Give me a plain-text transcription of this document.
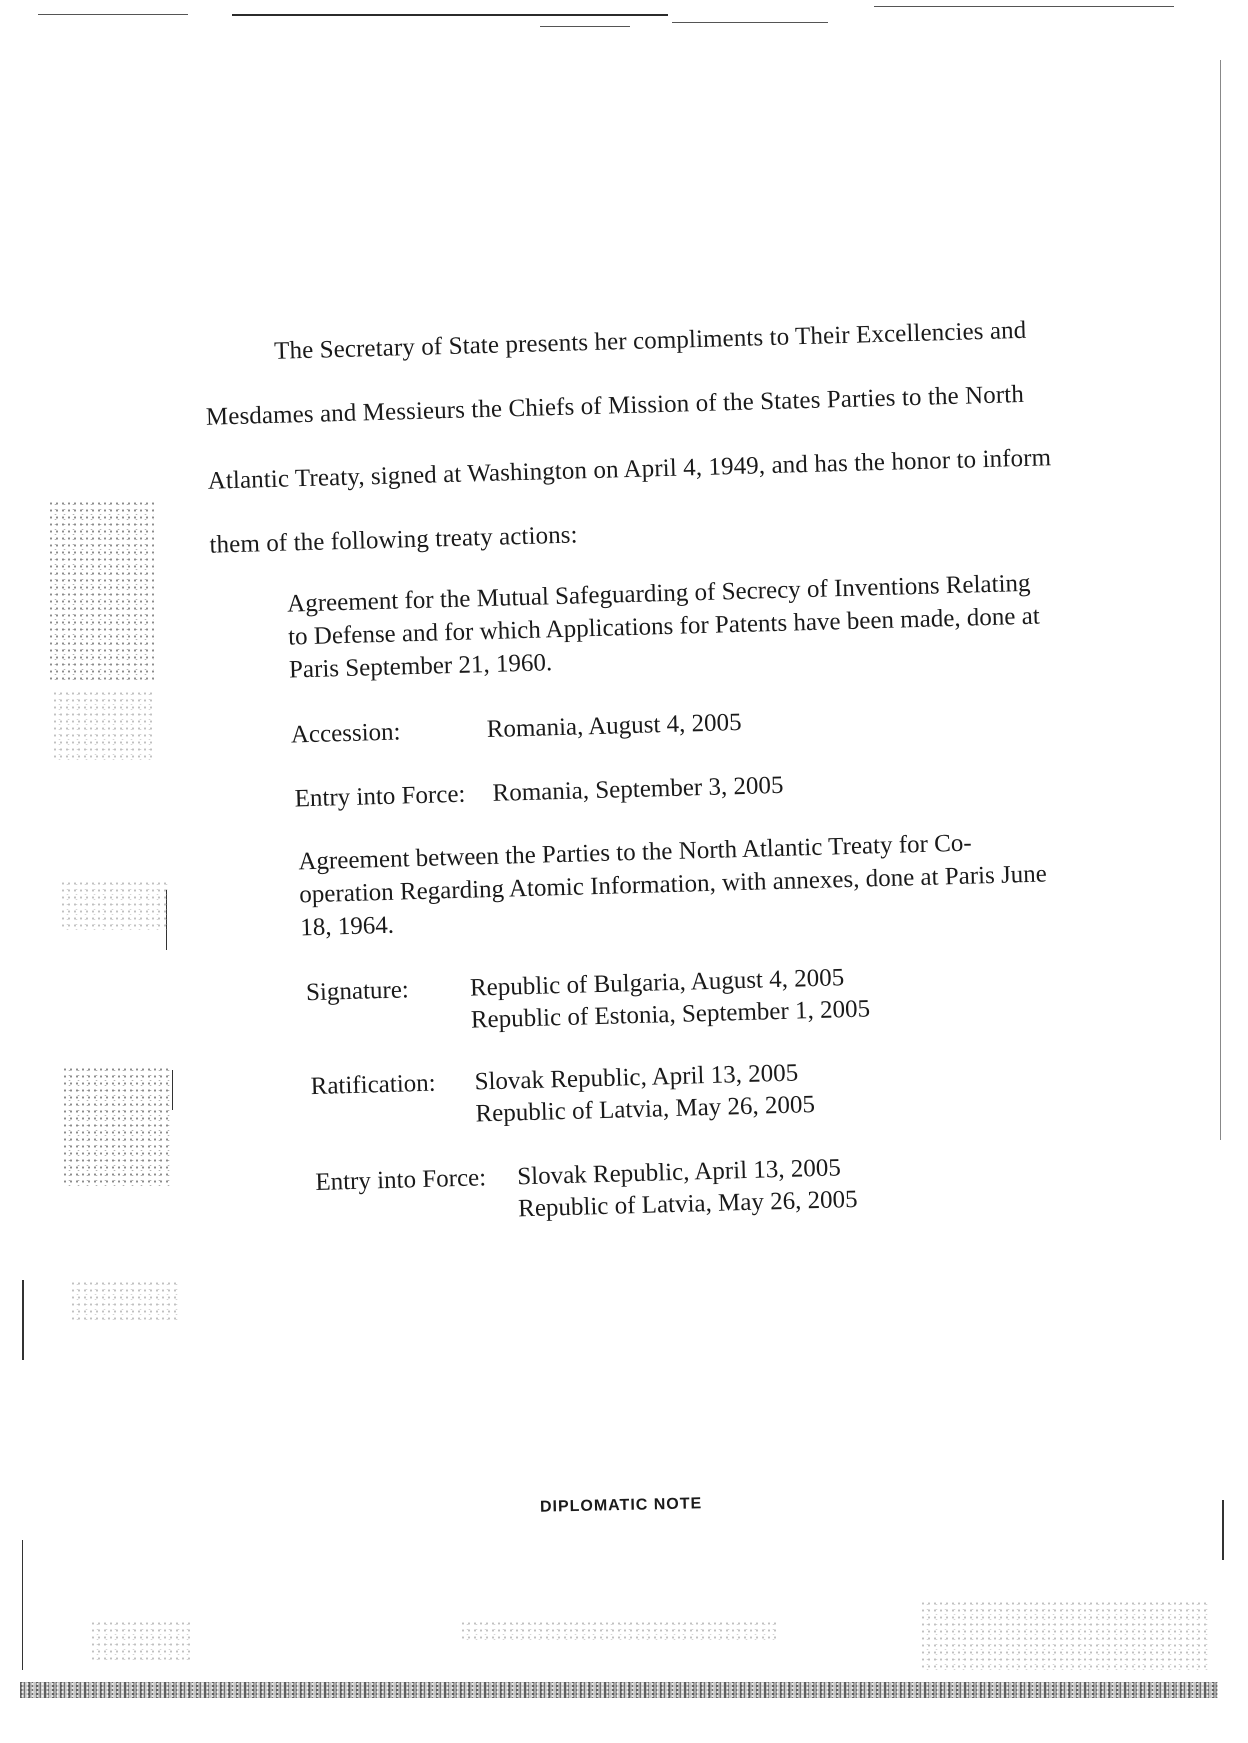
The Secretary of State presents her compliments to Their Excellencies and Mesdames and Messieurs the Chiefs of Mission of the States Parties to the North Atlantic Treaty, signed at Washington on April 4, 1949, and has the honor to inform them of the following treaty actions:
Agreement for the Mutual Safeguarding of Secrecy of Inventions Relating to Defense and for which Applications for Patents have been made, done at Paris September 21, 1960.
Accession:	Romania, August 4, 2005
Entry into Force: Romania, September 3, 2005
Agreement between the Parties to the North Atlantic Treaty for Co-operation Regarding Atomic Information, with annexes, done at Paris June 18, 1964.
Signature: Republic of Bulgaria, August 4, 2005
Republic of Estonia, September 1, 2005
Ratification: Slovak Republic, April 13, 2005
Republic of Latvia, May 26, 2005
Entry into Force: Slovak Republic, April 13, 2005
Republic of Latvia, May 26, 2005
DIPLOMATIC NOTE
